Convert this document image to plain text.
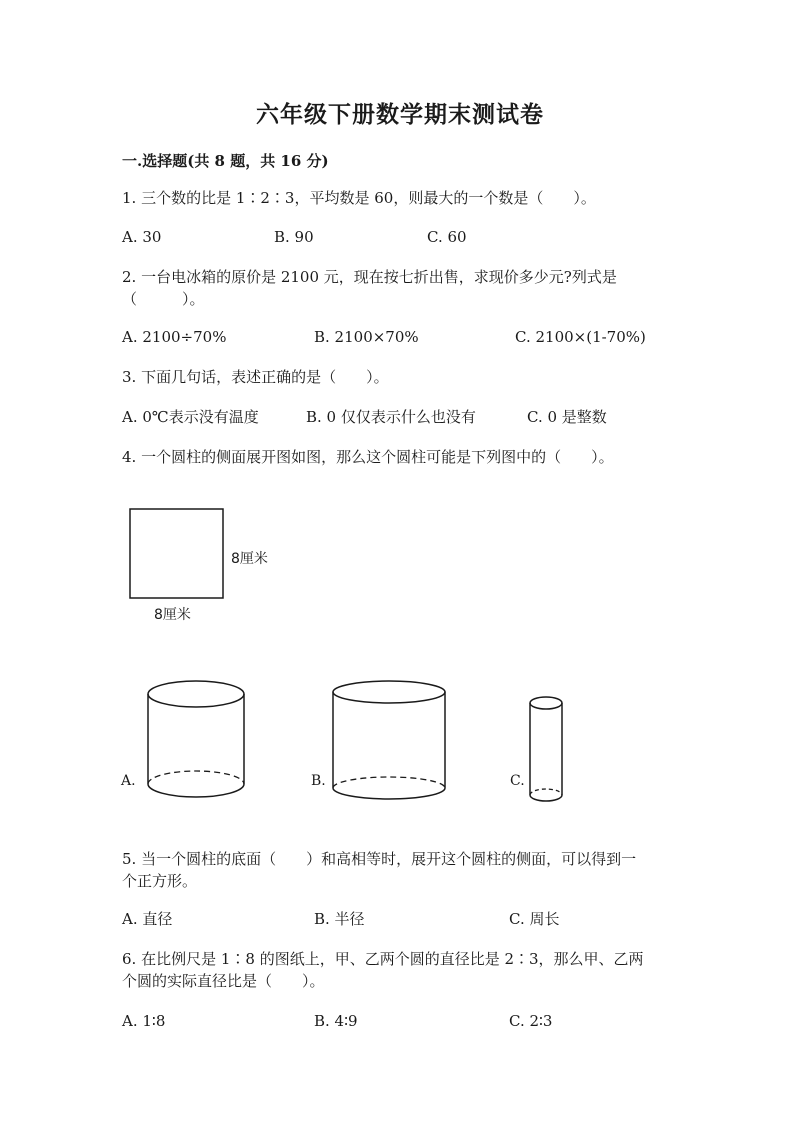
六年级下册数学期末测试卷
一.选择题(共 8 题，共 16 分)
1. 三个数的比是 1∶2∶3，平均数是 60，则最大的一个数是（　　）。
A. 30	B. 90	C. 60
2. 一台电冰箱的原价是 2100 元，现在按七折出售，求现价多少元?列式是
（　　　）。
A. 2100÷70%	B. 2100×70%	C. 2100×(1-70%)
3. 下面几句话，表述正确的是（　　）。
A. 0℃表示没有温度	B. 0 仅仅表示什么也没有	C. 0 是整数
4. 一个圆柱的侧面展开图如图，那么这个圆柱可能是下列图中的（　　）。
8厘米
8厘米
A.	B.	C.
5. 当一个圆柱的底面（　　）和高相等时，展开这个圆柱的侧面，可以得到一
个正方形。
A. 直径	B. 半径	C. 周长
6. 在比例尺是 1∶8 的图纸上，甲、乙两个圆的直径比是 2∶3，那么甲、乙两
个圆的实际直径比是（　　）。
A. 1∶8	B. 4∶9	C. 2∶3
